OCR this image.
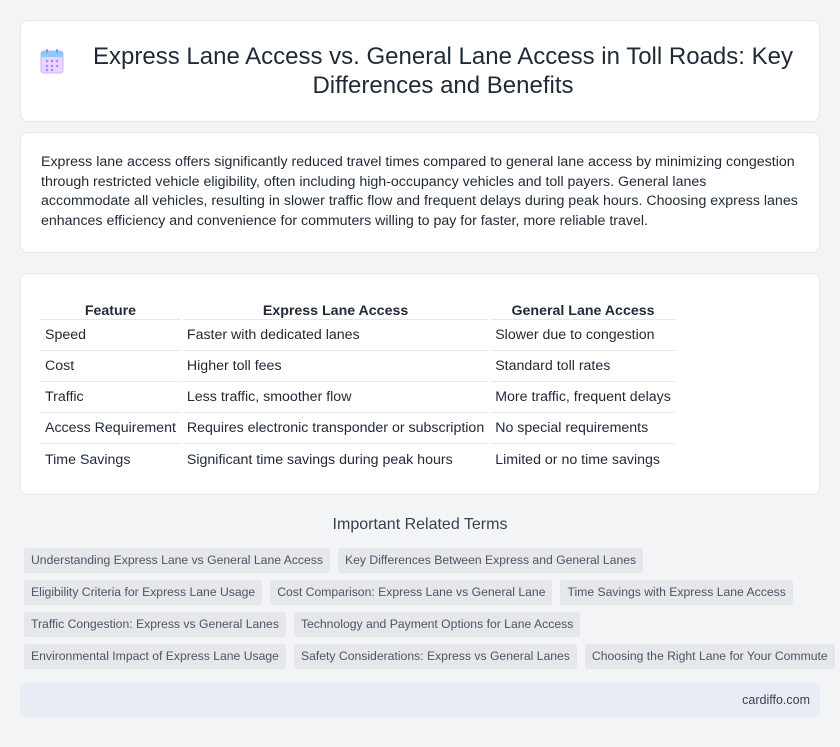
Express Lane Access vs. General Lane Access in Toll Roads: Key Differences and Benefits

Express lane access offers significantly reduced travel times compared to general lane access by minimizing congestion through restricted vehicle eligibility, often including high-occupancy vehicles and toll payers. General lanes accommodate all vehicles, resulting in slower traffic flow and frequent delays during peak hours. Choosing express lanes enhances efficiency and convenience for commuters willing to pay for faster, more reliable travel.

Feature	Express Lane Access	General Lane Access
Speed	Faster with dedicated lanes	Slower due to congestion
Cost	Higher toll fees	Standard toll rates
Traffic	Less traffic, smoother flow	More traffic, frequent delays
Access Requirement	Requires electronic transponder or subscription	No special requirements
Time Savings	Significant time savings during peak hours	Limited or no time savings
Important Related Terms
Understanding Express Lane vs General Lane Access	Key Differences Between Express and General Lanes
Eligibility Criteria for Express Lane Usage	Cost Comparison: Express Lane vs General Lane	Time Savings with Express Lane Access
Traffic Congestion: Express vs General Lanes	Technology and Payment Options for Lane Access
Environmental Impact of Express Lane Usage	Safety Considerations: Express vs General Lanes	Choosing the Right Lane for Your Commute
cardiffo.com
